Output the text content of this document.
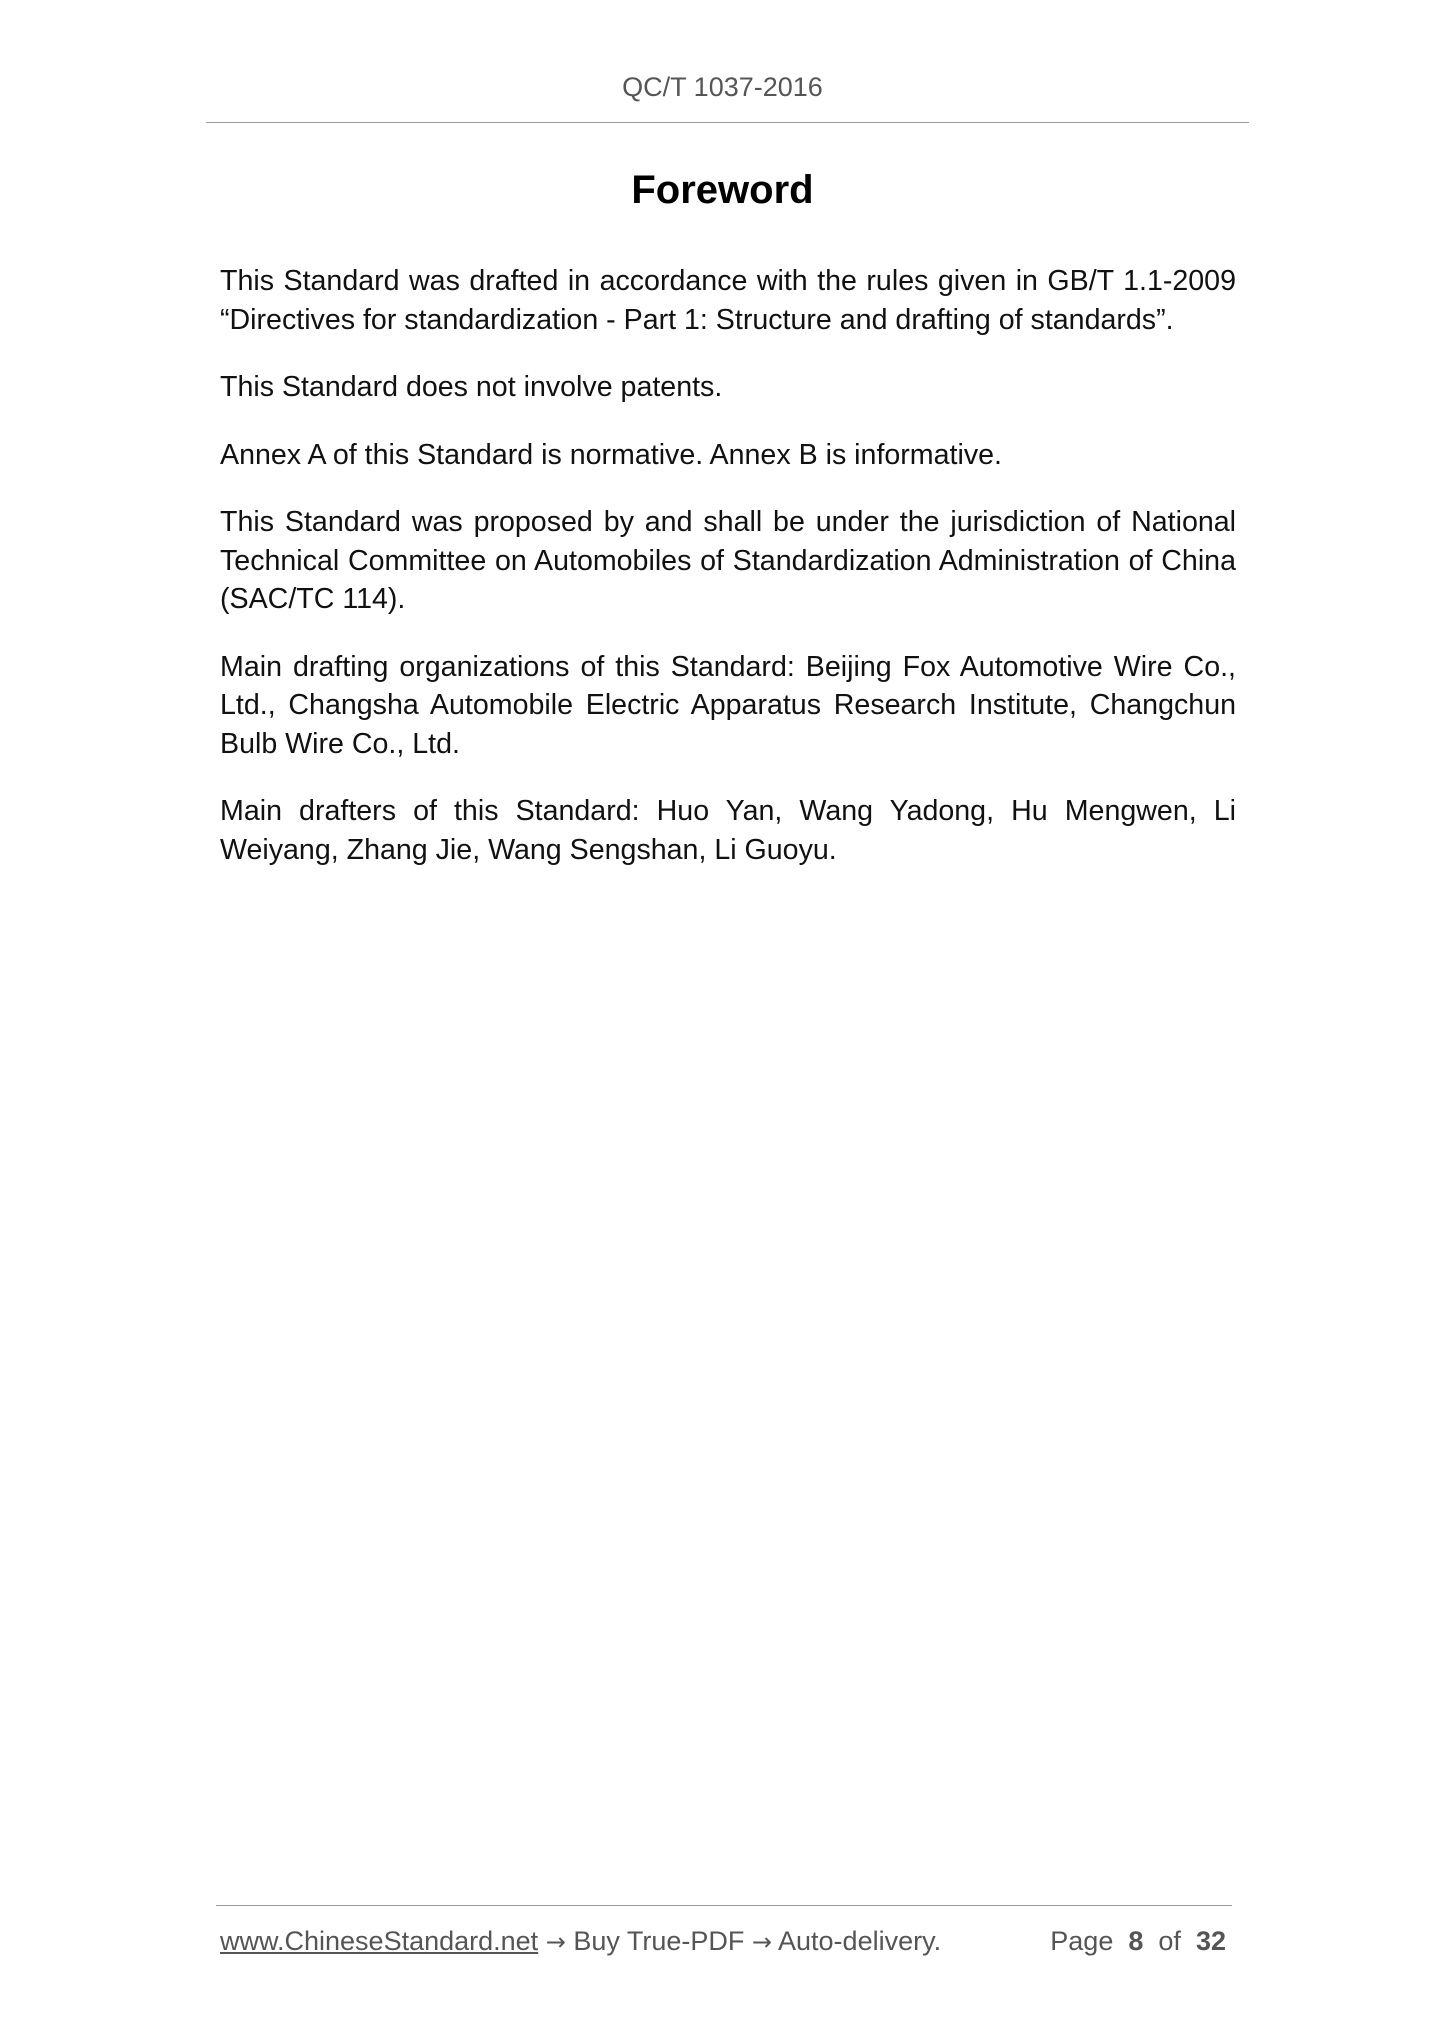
QC/T 1037-2016
Foreword

This Standard was drafted in accordance with the rules given in GB/T 1.1-2009 “Directives for standardization - Part 1: Structure and drafting of standards”.

This Standard does not involve patents.

Annex A of this Standard is normative. Annex B is informative.

This Standard was proposed by and shall be under the jurisdiction of National Technical Committee on Automobiles of Standardization Administration of China (SAC/TC 114).

Main drafting organizations of this Standard: Beijing Fox Automotive Wire Co., Ltd., Changsha Automobile Electric Apparatus Research Institute, Changchun Bulb Wire Co., Ltd.

Main drafters of this Standard: Huo Yan, Wang Yadong, Hu Mengwen, Li Weiyang, Zhang Jie, Wang Sengshan, Li Guoyu.

www.ChineseStandard.net → Buy True-PDF → Auto-delivery.	Page 8 of 32
